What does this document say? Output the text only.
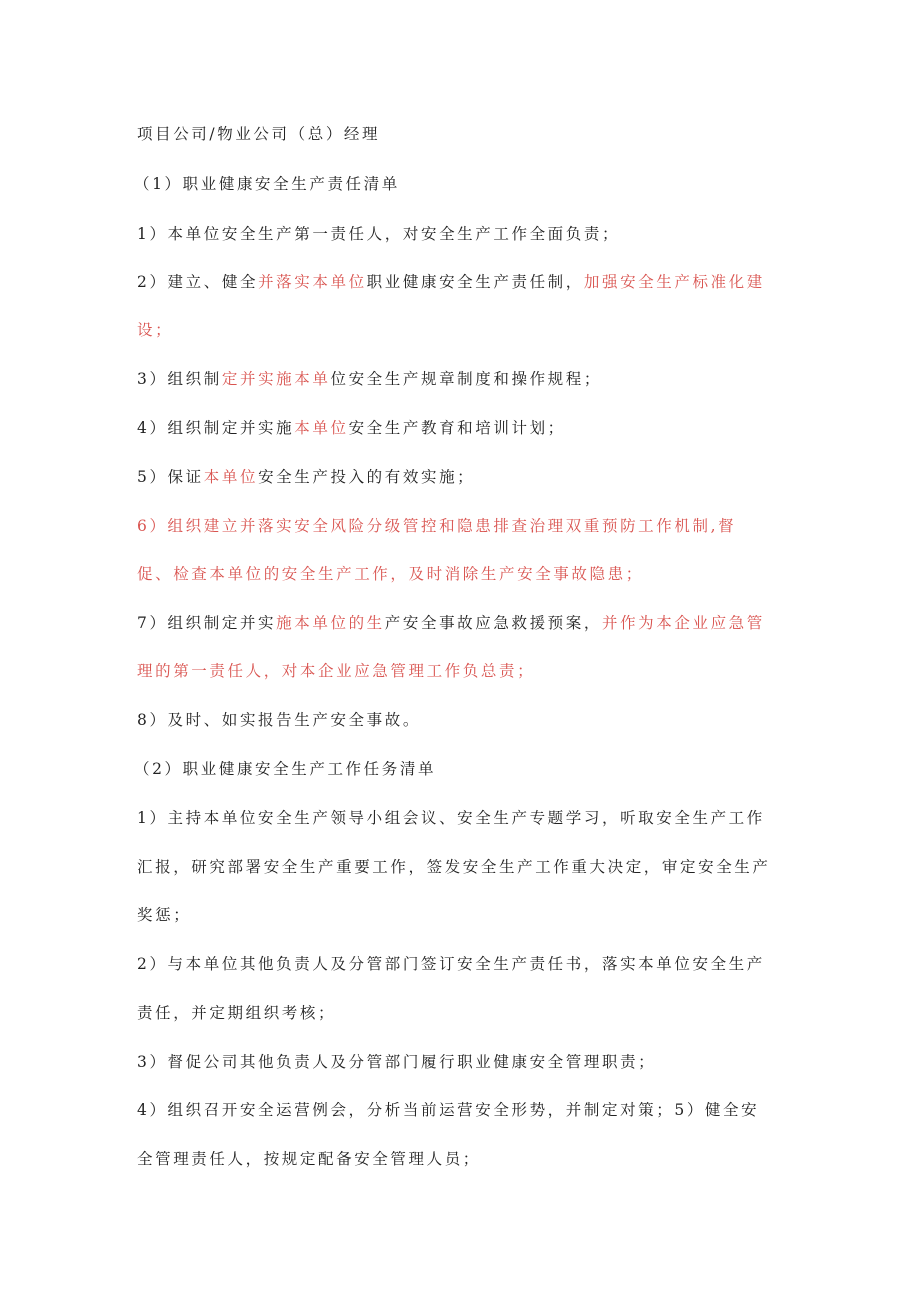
项目公司/物业公司（总）经理

（1）职业健康安全生产责任清单

1）本单位安全生产第一责任人，对安全生产工作全面负责；

2）建立、健全并落实本单位职业健康安全生产责任制，加强安全生产标准化建

设；

3）组织制定并实施本单位安全生产规章制度和操作规程；

4）组织制定并实施本单位安全生产教育和培训计划；

5）保证本单位安全生产投入的有效实施；

6）组织建立并落实安全风险分级管控和隐患排查治理双重预防工作机制,督

促、检查本单位的安全生产工作，及时消除生产安全事故隐患；

7）组织制定并实施本单位的生产安全事故应急救援预案，并作为本企业应急管

理的第一责任人，对本企业应急管理工作负总责；

8）及时、如实报告生产安全事故。

（2）职业健康安全生产工作任务清单

1）主持本单位安全生产领导小组会议、安全生产专题学习，听取安全生产工作

汇报，研究部署安全生产重要工作，签发安全生产工作重大决定，审定安全生产

奖惩；

2）与本单位其他负责人及分管部门签订安全生产责任书，落实本单位安全生产

责任，并定期组织考核；

3）督促公司其他负责人及分管部门履行职业健康安全管理职责；

4）组织召开安全运营例会，分析当前运营安全形势，并制定对策；5）健全安

全管理责任人，按规定配备安全管理人员；
